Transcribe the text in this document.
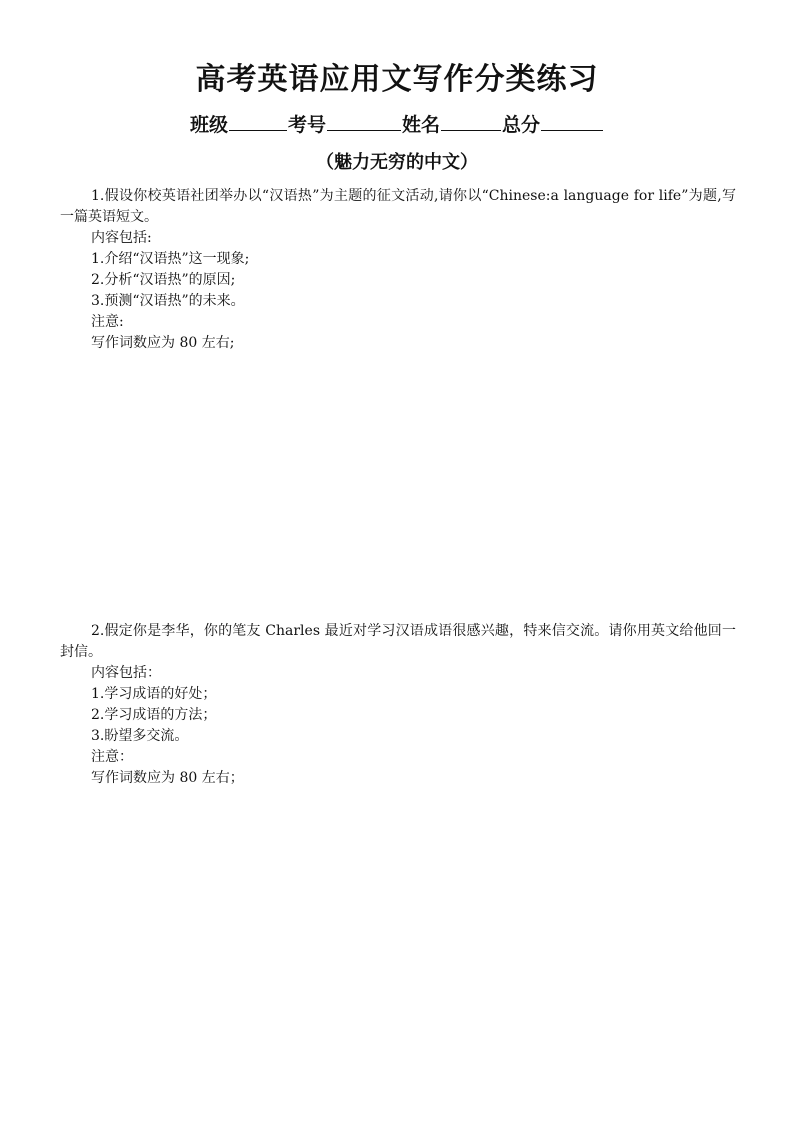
高考英语应用文写作分类练习
班级	考号	姓名	总分
（魅力无穷的中文）

1.假设你校英语社团举办以“汉语热”为主题的征文活动,请你以“Chinese:a language for life”为题,写一篇英语短文。

内容包括:

1.介绍“汉语热”这一现象;

2.分析“汉语热”的原因;

3.预测“汉语热”的未来。

注意:

写作词数应为 80 左右;

2.假定你是李华，你的笔友 Charles 最近对学习汉语成语很感兴趣，特来信交流。请你用英文给他回一封信。

内容包括：

1.学习成语的好处；

2.学习成语的方法；

3.盼望多交流。

注意：

写作词数应为 80 左右；
